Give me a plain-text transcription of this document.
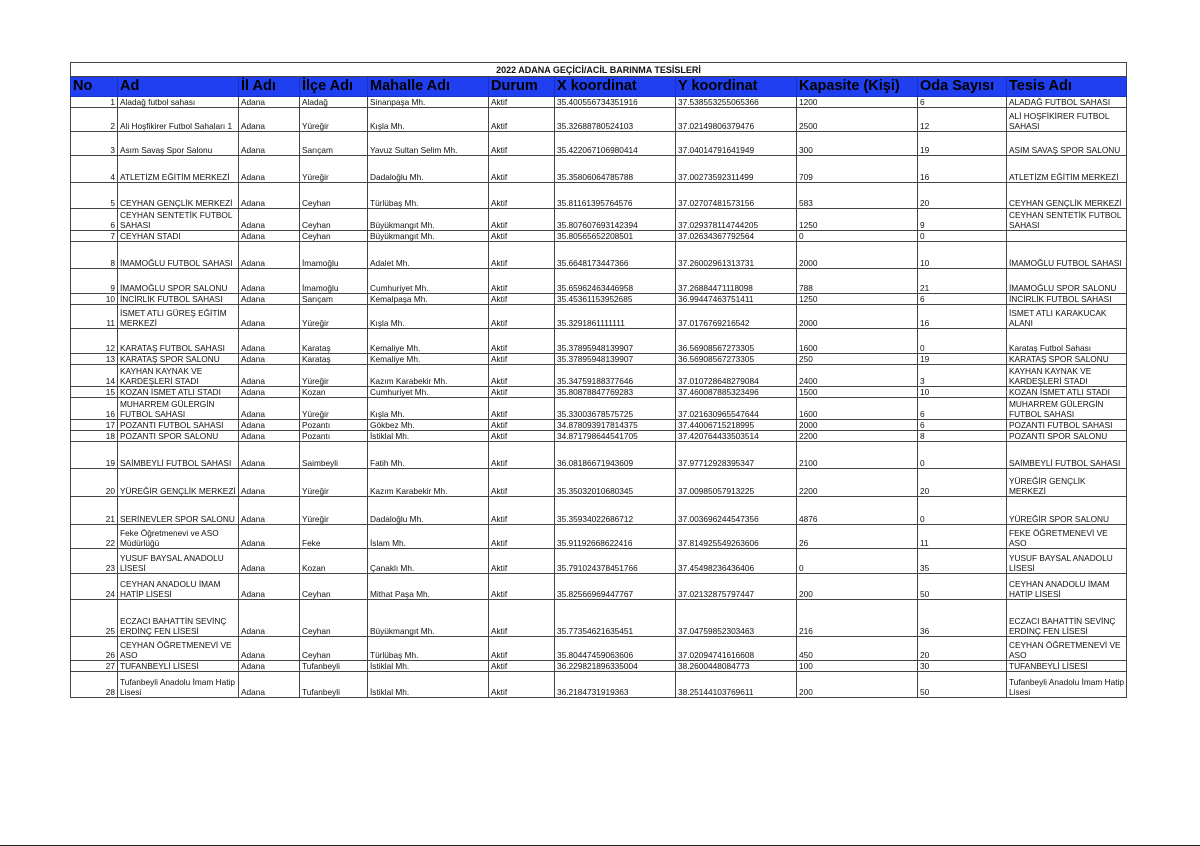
2022 ADANA GEÇİCİ/ACİL BARINMA TESİSLERİ										
No	Ad	İl Adı	İlçe Adı	Mahalle Adı	Durum	X koordinat	Y koordinat	Kapasite (Kişi)	Oda Sayısı	Tesis Adı
1	Aladağ futbol sahası	Adana	Aladağ	Sinanpaşa Mh.	Aktif	35.400556734351916	37.538553255065366	1200	6	ALADAĞ FUTBOL SAHASI
2	Ali Hoşfikirer Futbol Sahaları 1	Adana	Yüreğir	Kışla Mh.	Aktif	35.32688780524103	37.02149806379476	2500	12	ALİ HOŞFİKİRER FUTBOL SAHASI
3	Asım Savaş Spor Salonu	Adana	Sarıçam	Yavuz Sultan Selim Mh.	Aktif	35.422067106980414	37.04014791641949	300	19	ASIM SAVAŞ SPOR SALONU
4	ATLETİZM EĞİTİM MERKEZİ	Adana	Yüreğir	Dadaloğlu Mh.	Aktif	35.35806064785788	37.00273592311499	709	16	ATLETİZM EĞİTİM MERKEZİ
5	CEYHAN GENÇLİK MERKEZİ	Adana	Ceyhan	Türlübaş Mh.	Aktif	35.81161395764576	37.02707481573156	583	20	CEYHAN GENÇLİK MERKEZİ
6	CEYHAN SENTETİK FUTBOL SAHASI	Adana	Ceyhan	Büyükmangıt Mh.	Aktif	35.807607693142394	37.029378114744205	1250	9	CEYHAN SENTETİK FUTBOL SAHASI
7	CEYHAN STADI	Adana	Ceyhan	Büyükmangıt Mh.	Aktif	35.80565652208501	37.02634367792564	0	0	
8	İMAMOĞLU FUTBOL SAHASI	Adana	İmamoğlu	Adalet Mh.	Aktif	35.6648173447366	37.26002961313731	2000	10	İMAMOĞLU FUTBOL SAHASI
9	İMAMOĞLU SPOR SALONU	Adana	İmamoğlu	Cumhuriyet Mh.	Aktif	35.65962463446958	37.26884471118098	788	21	İMAMOĞLU SPOR SALONU
10	İNCİRLİK FUTBOL SAHASI	Adana	Sarıçam	Kemalpaşa Mh.	Aktif	35.45361153952685	36.99447463751411	1250	6	İNCİRLİK FUTBOL SAHASI
11	İSMET ATLI GÜREŞ EĞİTİM MERKEZİ	Adana	Yüreğir	Kışla Mh.	Aktif	35.3291861111111	37.0176769216542	2000	16	İSMET ATLI KARAKUCAK ALANI
12	KARATAŞ FUTBOL SAHASI	Adana	Karataş	Kemaliye Mh.	Aktif	35.37895948139907	36.56908567273305	1600	0	Karataş Futbol Sahası
13	KARATAŞ SPOR SALONU	Adana	Karataş	Kemaliye Mh.	Aktif	35.37895948139907	36.56908567273305	250	19	KARATAŞ SPOR SALONU
14	KAYHAN KAYNAK VE KARDEŞLERİ STADI	Adana	Yüreğir	Kazım Karabekir Mh.	Aktif	35.34759188377646	37.010728648279084	2400	3	KAYHAN KAYNAK VE KARDEŞLERİ STADI
15	KOZAN İSMET ATLI STADI	Adana	Kozan	Cumhuriyet Mh.	Aktif	35.80878847769283	37.460087885323496	1500	10	KOZAN İSMET ATLI STADI
16	MUHARREM GÜLERGİN FUTBOL SAHASI	Adana	Yüreğir	Kışla Mh.	Aktif	35.33003678575725	37.021630965547644	1600	6	MUHARREM GÜLERGİN FUTBOL SAHASI
17	POZANTI FUTBOL SAHASI	Adana	Pozantı	Gökbez Mh.	Aktif	34.878093917814375	37.44006715218995	2000	6	POZANTI FUTBOL SAHASI
18	POZANTI SPOR SALONU	Adana	Pozantı	İstiklal Mh.	Aktif	34.871798644541705	37.420764433503514	2200	8	POZANTI SPOR SALONU
19	SAİMBEYLİ FUTBOL SAHASI	Adana	Saimbeyli	Fatih Mh.	Aktif	36.08186671943609	37.97712928395347	2100	0	SAİMBEYLİ FUTBOL SAHASI
20	YÜREĞİR GENÇLİK MERKEZİ	Adana	Yüreğir	Kazım Karabekir Mh.	Aktif	35.35032010680345	37.00985057913225	2200	20	YÜREĞİR GENÇLİK MERKEZİ
21	SERİNEVLER SPOR SALONU	Adana	Yüreğir	Dadaloğlu Mh.	Aktif	35.35934022686712	37.003696244547356	4876	0	YÜREĞİR SPOR SALONU
22	Feke Öğretmenevi ve ASO Müdürlüğü	Adana	Feke	İslam Mh.	Aktif	35.91192668622416	37.814925549263606	26	11	FEKE ÖĞRETMENEVİ VE ASO
23	YUSUF BAYSAL ANADOLU LİSESİ	Adana	Kozan	Çanaklı Mh.	Aktif	35.791024378451766	37.45498236436406	0	35	YUSUF BAYSAL ANADOLU LİSESİ
24	CEYHAN ANADOLU İMAM HATİP LİSESİ	Adana	Ceyhan	Mithat Paşa Mh.	Aktif	35.82566969447767	37.02132875797447	200	50	CEYHAN ANADOLU İMAM HATİP LİSESİ
25	ECZACI BAHATTİN SEVİNÇ ERDİNÇ FEN LİSESİ	Adana	Ceyhan	Büyükmangıt Mh.	Aktif	35.77354621635451	37.04759852303463	216	36	ECZACI BAHATTİN SEVİNÇ ERDİNÇ FEN LİSESİ
26	CEYHAN ÖĞRETMENEVİ VE ASO	Adana	Ceyhan	Türlübaş Mh.	Aktif	35.80447459063606	37.02094741616608	450	20	CEYHAN ÖĞRETMENEVİ VE ASO
27	TUFANBEYLİ LİSESİ	Adana	Tufanbeyli	İstiklal Mh.	Aktif	36.229821896335004	38.2600448084773	100	30	TUFANBEYLİ LİSESİ
28	Tufanbeyli Anadolu İmam Hatip Lisesi	Adana	Tufanbeyli	İstiklal Mh.	Aktif	36.2184731919363	38.25144103769611	200	50	Tufanbeyli Anadolu İmam Hatip Lisesi
